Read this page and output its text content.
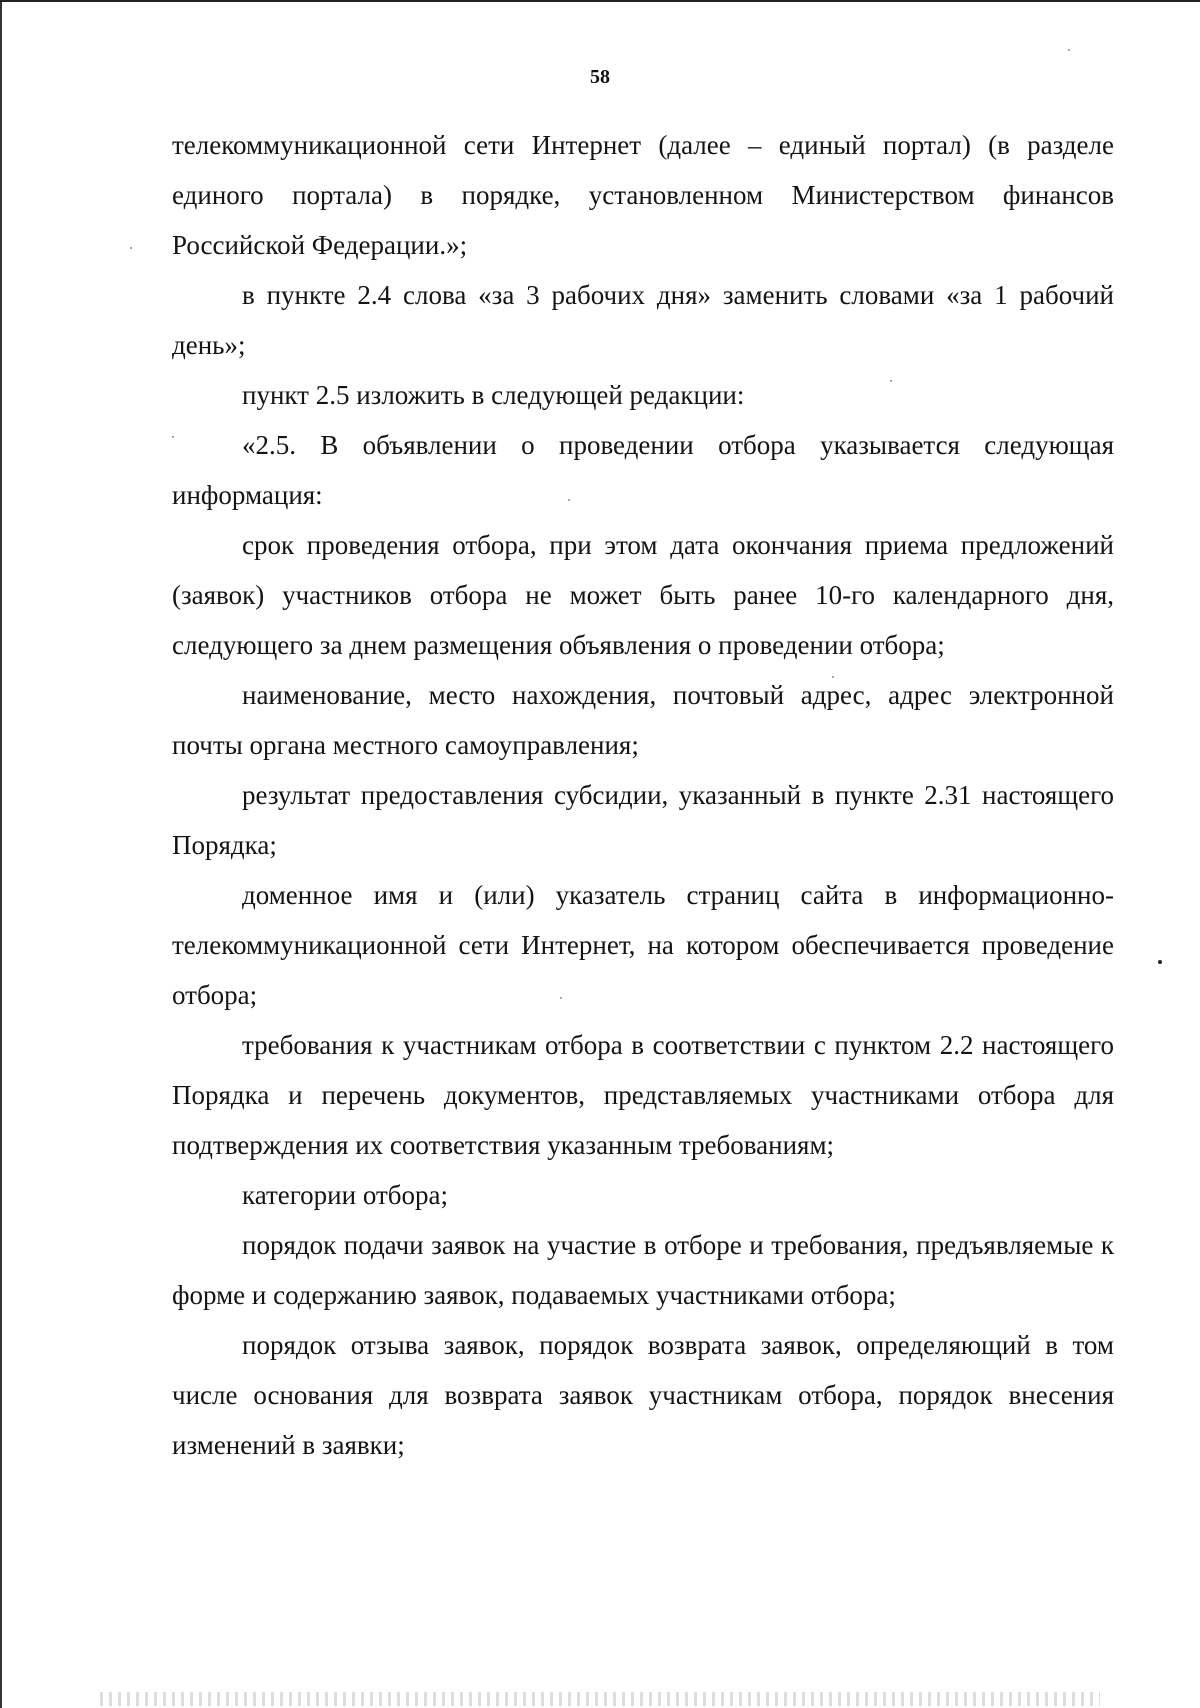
58

телекоммуникационной сети Интернет (далее – единый портал) (в разделе единого портала) в порядке, установленном Министерством финансов Российской Федерации.»;

в пункте 2.4 слова «за 3 рабочих дня» заменить словами «за 1 рабочий день»;

пункт 2.5 изложить в следующей редакции:

«2.5. В объявлении о проведении отбора указывается следующая информация:

срок проведения отбора, при этом дата окончания приема предложений (заявок) участников отбора не может быть ранее 10-го календарного дня, следующего за днем размещения объявления о проведении отбора;

наименование, место нахождения, почтовый адрес, адрес электронной почты органа местного самоуправления;

результат предоставления субсидии, указанный в пункте 2.31 настоящего Порядка;

доменное имя и (или) указатель страниц сайта в информационно-телекоммуникационной сети Интернет, на котором обеспечивается проведение отбора;

требования к участникам отбора в соответствии с пунктом 2.2 настоящего Порядка и перечень документов, представляемых участниками отбора для подтверждения их соответствия указанным требованиям;

категории отбора;

порядок подачи заявок на участие в отборе и требования, предъявляемые к форме и содержанию заявок, подаваемых участниками отбора;

порядок отзыва заявок, порядок возврата заявок, определяющий в том числе основания для возврата заявок участникам отбора, порядок внесения изменений в заявки;
